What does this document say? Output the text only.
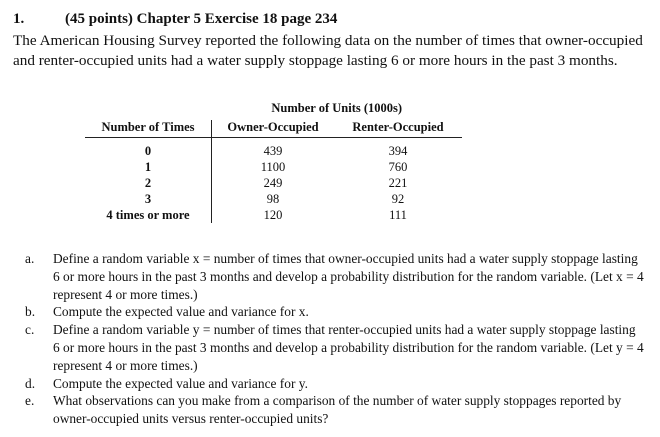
1.	(45 points) Chapter 5 Exercise 18 page 234
The American Housing Survey reported the following data on the number of times that owner-occupied and renter-occupied units had a water supply stoppage lasting 6 or more hours in the past 3 months.
	Number of Units (1000s)	
Number of Times	Owner-Occupied	Renter-Occupied

0	439	394
1	1100	760
2	249	221
3	98	92
4 times or more	120	111
a.	Define a random variable x = number of times that owner-occupied units had a water supply stoppage lasting 6 or more hours in the past 3 months and develop a probability distribution for the random variable. (Let x = 4 represent 4 or more times.)
b.	Compute the expected value and variance for x.
c.	Define a random variable y = number of times that renter-occupied units had a water supply stoppage lasting 6 or more hours in the past 3 months and develop a probability distribution for the random variable. (Let y = 4 represent 4 or more times.)
d.	Compute the expected value and variance for y.
e.	What observations can you make from a comparison of the number of water supply stoppages reported by owner-occupied units versus renter-occupied units?
